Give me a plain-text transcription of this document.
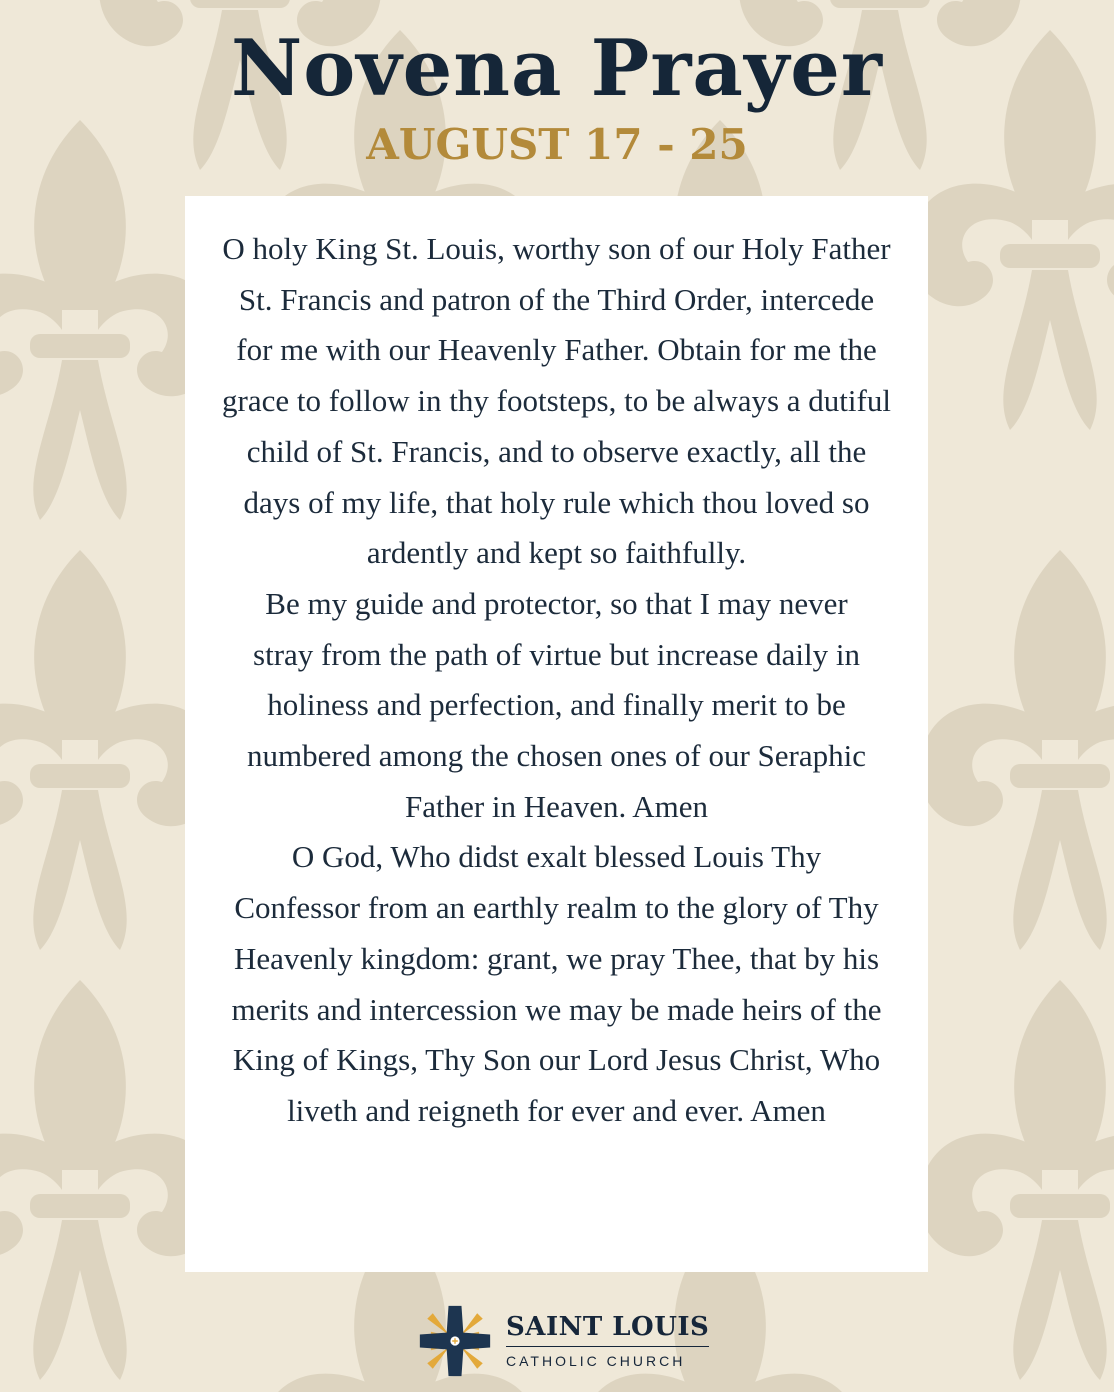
Novena Prayer
AUGUST 17 - 25

O holy King St. Louis, worthy son of our Holy Father St. Francis and patron of the Third Order, intercede for me with our Heavenly Father. Obtain for me the grace to follow in thy footsteps, to be always a dutiful child of St. Francis, and to observe exactly, all the days of my life, that holy rule which thou loved so ardently and kept so faithfully.

Be my guide and protector, so that I may never stray from the path of virtue but increase daily in holiness and perfection, and finally merit to be numbered among the chosen ones of our Seraphic Father in Heaven. Amen

O God, Who didst exalt blessed Louis Thy Confessor from an earthly realm to the glory of Thy Heavenly kingdom: grant, we pray Thee, that by his merits and intercession we may be made heirs of the King of Kings, Thy Son our Lord Jesus Christ, Who liveth and reigneth for ever and ever. Amen

SAINT LOUIS
CATHOLIC CHURCH
